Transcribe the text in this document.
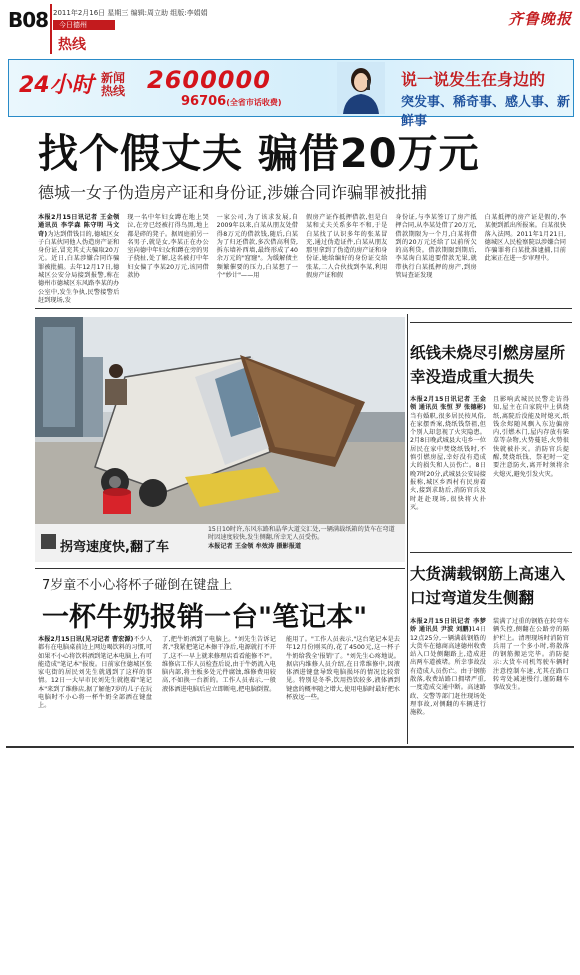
B08 2011年2月16日 星期三 编辑:周立助 组版:李娟娟
今日德州
热线
齐鲁晚报
24小时 新闻
热线 2600000
96706(全省市话收费)
说一说发生在身边的
突发事、稀奇事、感人事、新鲜事
找个假丈夫 骗借20万元
德城一女子伪造房产证和身份证,涉嫌合同诈骗罪被批捕
本报2月15日讯记者 王金领 通讯员 李学森 陈守明 马文奇)为达到借钱目的,德城区女子白某伙同他人伪造房产证和身份证,冒充其丈夫骗取20万元。近日,白某涉嫌合同诈骗罪被批捕。去年12月17日,德城区公安分局接到报警,称在德州市德城区东风路李某的办公室中,发生争执,民警接警后赶到现场,发
现一名中年妇女蹲在地上哭泣,在旁已经被打得鸟黑,地上都是碎的凳子。据周庭前另一名男子,就是女,李某正在办公室向德中年妇女和蹲在旁的男子挠扯,处了解,这名被打中年妇女偏了李某20万元,该同借款协
一家公司,为了该求发展,自2009年以来,白某从朋友处借得8万元的借款钱,随后,白某为了归还借款,多次借高利贷,拆东墙补西墙,最终形成了40余万元的"窟窿"。为缓解债主频繁催要的压力,白某想了一个"妙计"——用
假房产证作抵押借款,但是白某和丈夫关系多年不和,于是白某找了认识多年的张某冒充,通过伪造证件,白某从朋友那里拿到了伪造的房产证和身份证,她给编好的身份证交给张某,二人合伙找到李某,利用假房产证和假
身份证,与李某签订了房产抵押合同,从李某处借了20万元,借款期限为一个月,白某将借到的20万元还给了以前所欠的高利贷。借款期限到期后,李某询白某追要借款无果,就带执行白某抵押的房产,到房管局查证发现
白某抵押的房产证是假的,李某便到派出所报案。白某很快落入法网。2011年1月21日,德城区人民检察院以涉嫌合同诈骗罪将白某批准逮捕,目前此案正在进一步审理中。
拐弯速度快,翻了车
15日10时许,东风东路和晶华大道交汇处,一辆满载纸箱的货车在弯道时因速度较快,发生侧翻,所幸无人员受伤。
本报记者 王金领 牟效涛 摄影报道
纸钱未烧尽引燃房屋所幸没造成重大损失
本报2月15日讯记者 王金领 通讯员 张恒 罗 张德彬)当有婚职,很多居民按风俗,在家摆香案,烧纸钱祭祖,但个别人却忽视了火灾隐患。2月8日晚武城县大屯乡一位居民在家中焚烧纸钱时,不慎引燃房屋,幸好没有造成大的损失和人员伤亡。8日晚7时20分,武城县公安局接报称,城区乡西村有民房着火,接到求助后,消防官兵及时赶赴现场,很快将火扑灭。
且影响武城民民警走访得知,屋主在自家院中上供烧纸,离院后没能及时熄灭,纸钱余烬随风飘入东边偏房内,引燃木门,屋内存放有柴草等杂物,火势蔓延,火势很快就被扑灭。消防官兵提醒,焚烧纸钱、祭祀时一定要注意防火,离开时须将余火熄灭,避免引发火灾。
大货满载钢筋上高速入口过弯道发生侧翻
本报2月15日讯记者 李梦娇 通讯员 尹波 刘鹏)14日12点25分,一辆满载钢筋的大货车在德商高速德州收费站入口处侧翻路上,造成进出两车道被堵。所幸事故没有造成人员伤亡。由于钢筋散落,收费站路口拥堵严重,一度造成交通中断。高速路政、交警等部门赶往现场处理事故,对侧翻的车辆进行施救。
装满了过重的钢筋在转弯车辆失控,侧翻在公路旁的隔护栏上。清理现场时消防官兵用了一个多小时,将散落的钢筋搬运完毕。消防提示:大货车司机驾驶车辆时注意控制车速,尤其在路口转弯处减速慢行,谨防翻车事故发生。
7岁童不小心将杯子碰倒在键盘上
一杯牛奶报销一台"笔记本"
本报2月15日讯(见习记者 曹宏源)不少人都有在电脑桌前边上网边喝饮料的习惯,可如果不小心将饮料洒到笔记本电脑上,有可能造成"笔记本"报废。日前家住德城区张家屯街的居民刘先生就遇到了这样的事情。12日一大早市民刘先生就抱着"笔记本"来到了维修店,据了解他7岁的儿子在玩电脑时不小心将一杯牛奶全部洒在键盘上。
了,把牛奶洒到了电脑上。"刘先生告诉记者,"我紧把笔记本擦干净后,电源就打不开了,这不一早上就来修理店看看能修不?"。维修店工作人员检查后说,由于牛奶流入电脑内部,将主板多处元件腐蚀,维修费用较高,不如换一台新的。工作人员表示,一般液体洒进电脑后应立即断电,把电脑倒置。
能用了。"工作人员表示,"这台笔记本是去年12月份刚买的,花了4500元,这一杯子牛奶给我全'报销'了。"刘先生心疼地说。据店内维修人员介绍,在日常维修中,因液体洒进键盘导致电脑损坏的情况比较常见。特别是冬季,饮用热饮较多,液体洒到键盘的概率随之增大,使用电脑时最好把水杯放远一些。
